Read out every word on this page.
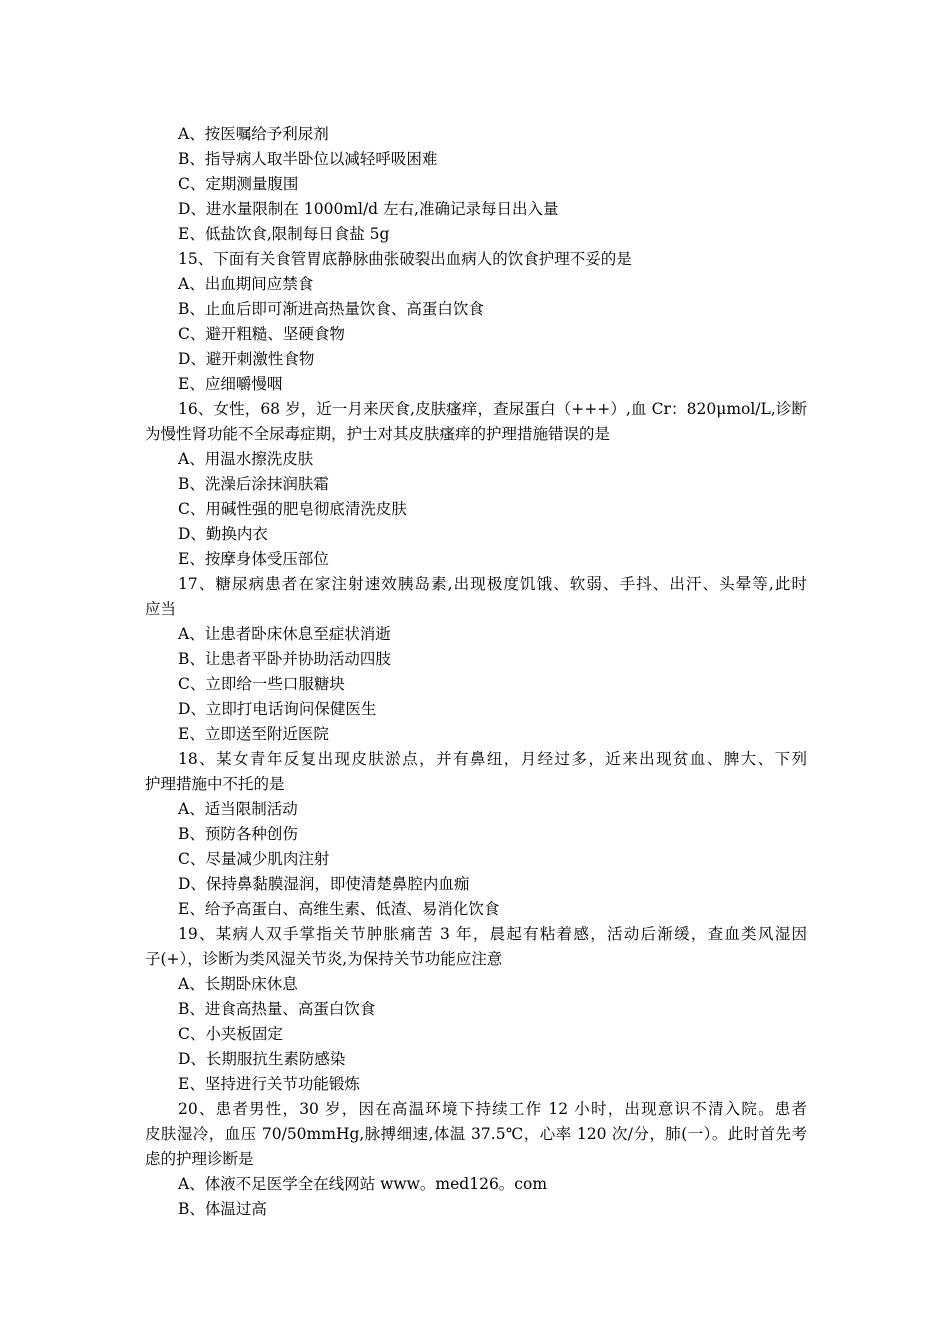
A、按医嘱给予利尿剂

B、指导病人取半卧位以减轻呼吸困难

C、定期测量腹围

D、进水量限制在 1000ml/d 左右,准确记录每日出入量

E、低盐饮食,限制每日食盐 5g

15、下面有关食管胃底静脉曲张破裂出血病人的饮食护理不妥的是

A、出血期间应禁食

B、止血后即可渐进高热量饮食、高蛋白饮食

C、避开粗糙、坚硬食物

D、避开刺激性食物

E、应细嚼慢咽

16、女性，68 岁，近一月来厌食,皮肤瘙痒，查尿蛋白（+++）,血 Cr：820μmol/L,诊断

为慢性肾功能不全尿毒症期，护士对其皮肤瘙痒的护理措施错误的是

A、用温水擦洗皮肤

B、洗澡后涂抹润肤霜

C、用碱性强的肥皂彻底清洗皮肤

D、勤换内衣

E、按摩身体受压部位

17、糖尿病患者在家注射速效胰岛素,出现极度饥饿、软弱、手抖、出汗、头晕等,此时

应当

A、让患者卧床休息至症状消逝

B、让患者平卧并协助活动四肢

C、立即给一些口服糖块

D、立即打电话询问保健医生

E、立即送至附近医院

18、某女青年反复出现皮肤淤点，并有鼻纽，月经过多，近来出现贫血、脾大、下列

护理措施中不托的是

A、适当限制活动

B、预防各种创伤

C、尽量减少肌肉注射

D、保持鼻黏膜湿润，即使清楚鼻腔内血痂

E、给予高蛋白、高维生素、低渣、易消化饮食

19、某病人双手掌指关节肿胀痛苦 3 年，晨起有粘着感，活动后渐缓，查血类风湿因

子(+），诊断为类风湿关节炎,为保持关节功能应注意

A、长期卧床休息

B、进食高热量、高蛋白饮食

C、小夹板固定

D、长期服抗生素防感染

E、坚持进行关节功能锻炼

20、患者男性，30 岁，因在高温环境下持续工作 12 小时，出现意识不清入院。患者

皮肤湿冷，血压 70/50mmHg,脉搏细速,体温 37.5℃，心率 120 次/分，肺(一）。此时首先考

虑的护理诊断是

A、体液不足医学全在线网站 www。med126。com

B、体温过高
